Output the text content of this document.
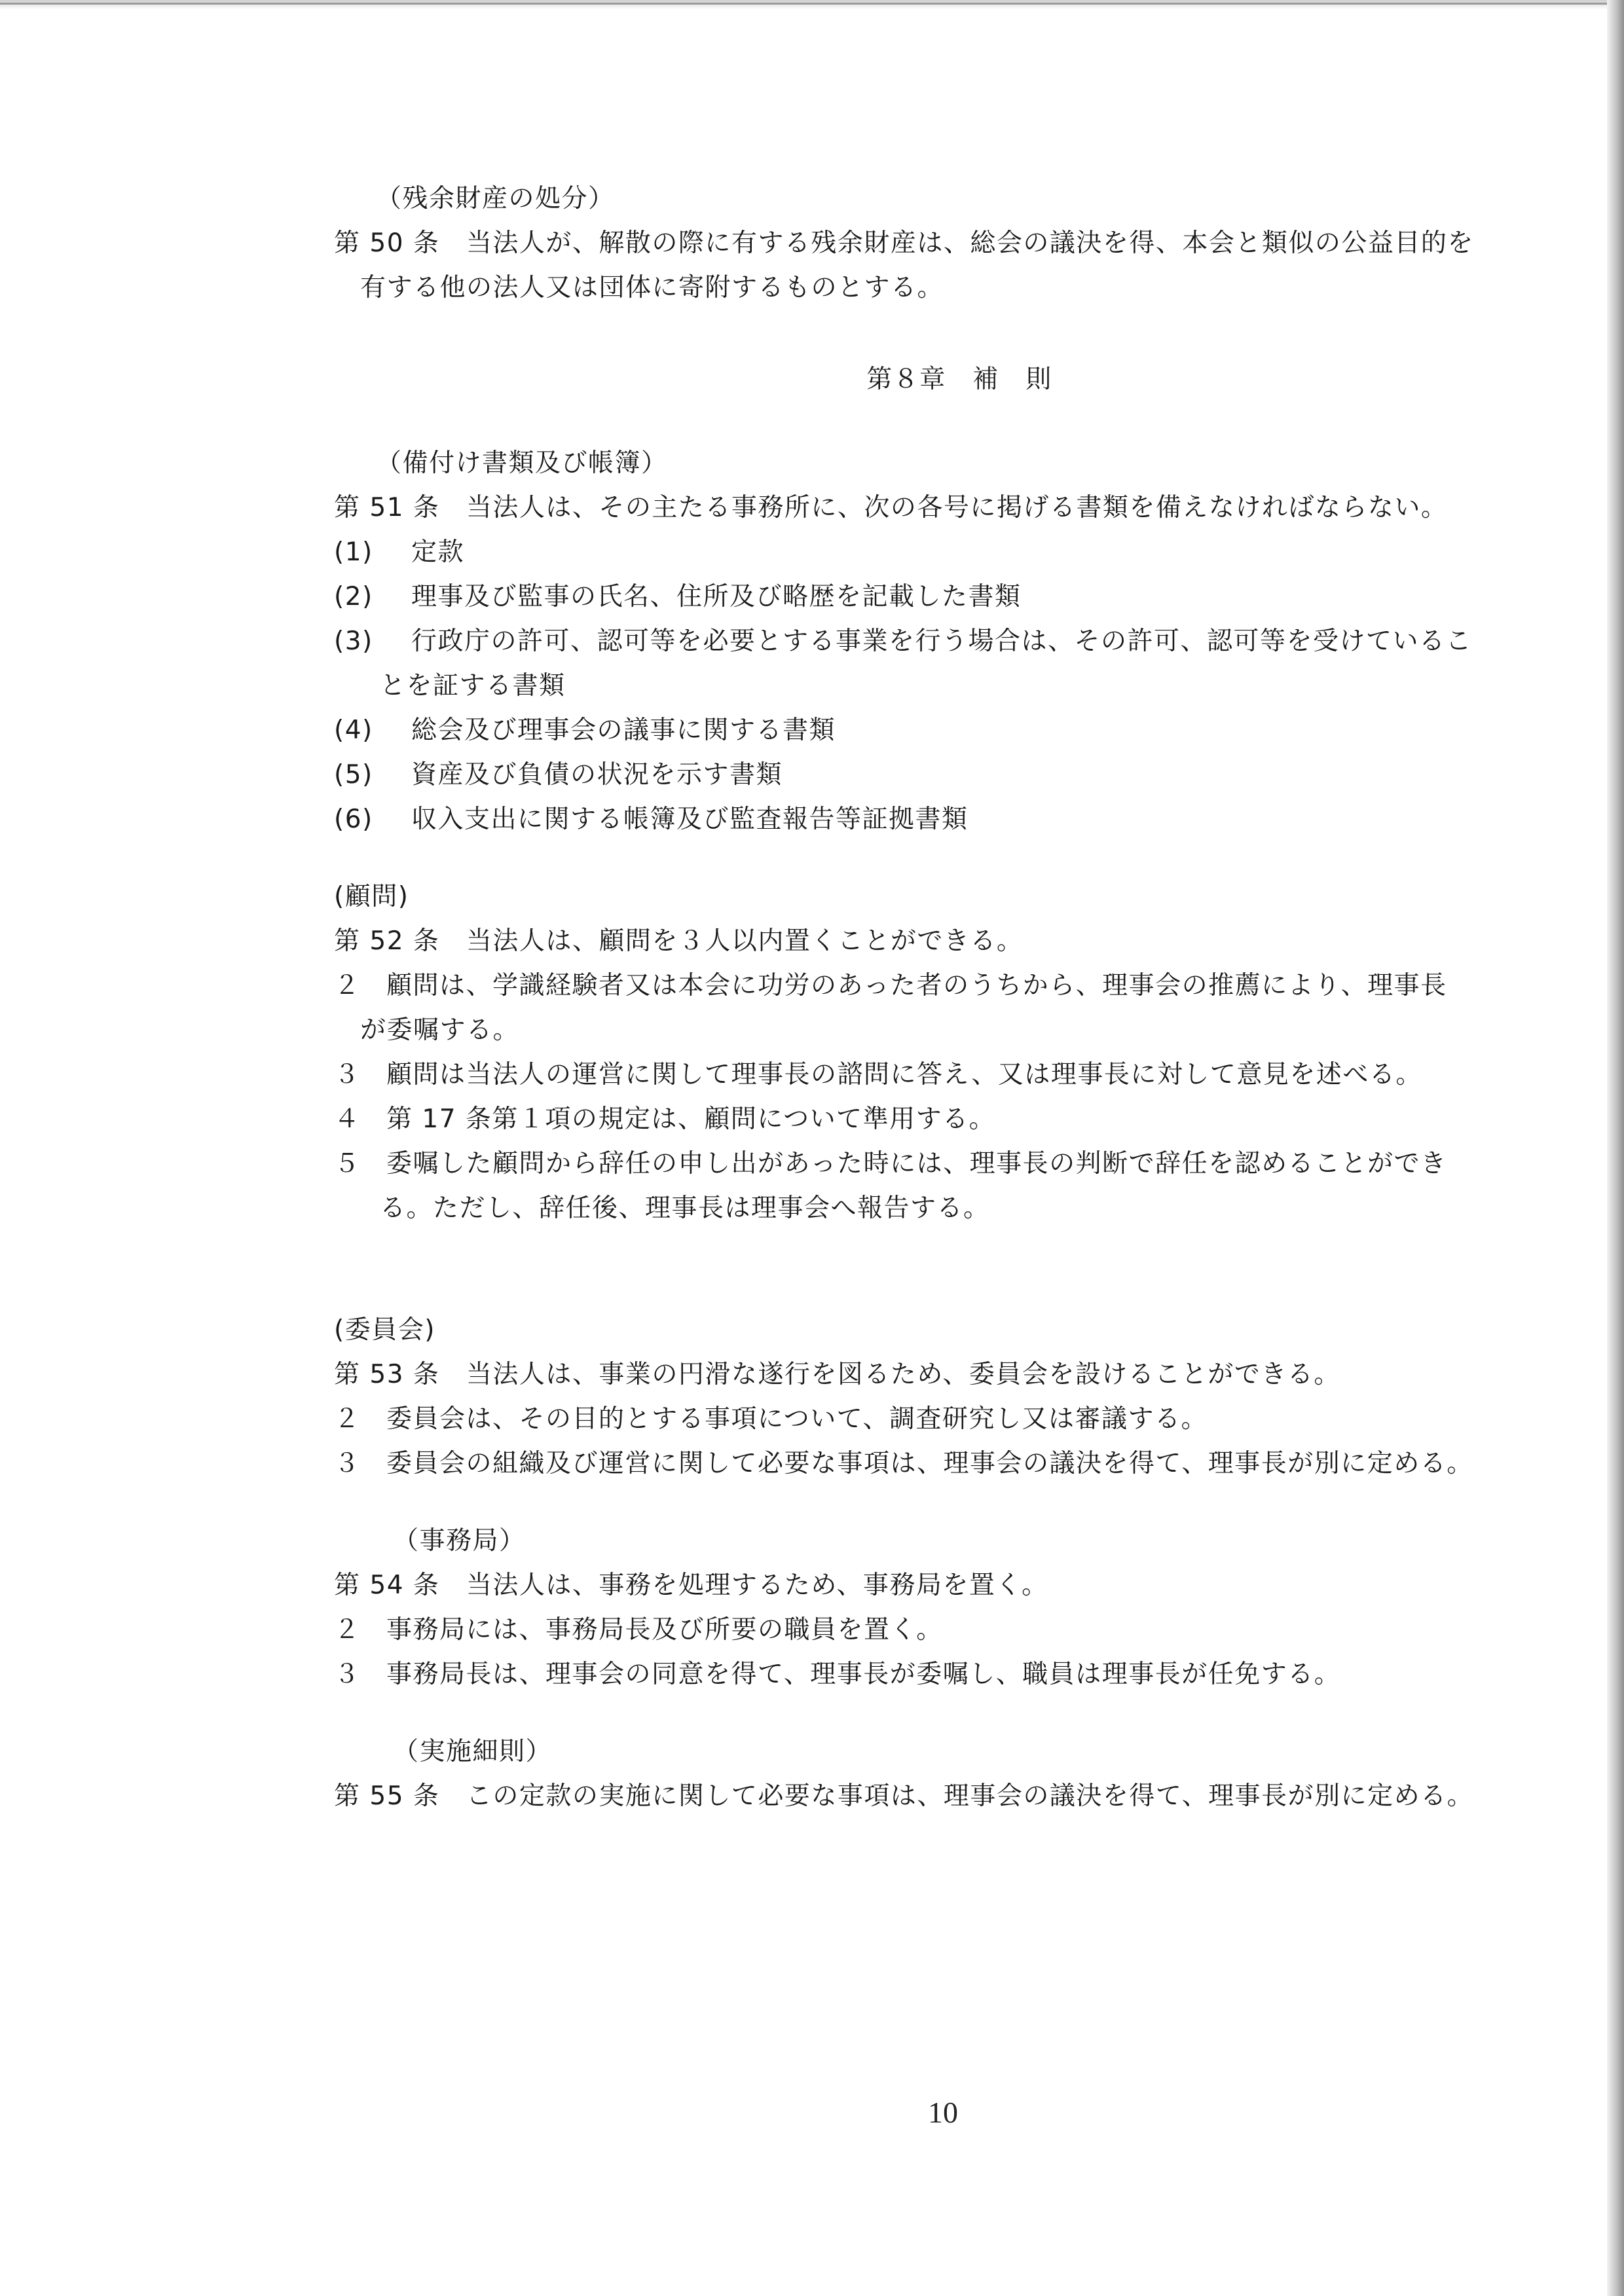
（残余財産の処分）
第 50 条　当法人が、解散の際に有する残余財産は、総会の議決を得、本会と類似の公益目的を
有する他の法人又は団体に寄附するものとする。
第８章　補　則
（備付け書類及び帳簿）
第 51 条　当法人は、その主たる事務所に、次の各号に掲げる書類を備えなければならない。
(1)	定款
(2)	理事及び監事の氏名、住所及び略歴を記載した書類
(3)	行政庁の許可、認可等を必要とする事業を行う場合は、その許可、認可等を受けているこ
とを証する書類
(4)	総会及び理事会の議事に関する書類
(5)	資産及び負債の状況を示す書類
(6)	収入支出に関する帳簿及び監査報告等証拠書類
(顧問)
第 52 条　当法人は、顧問を３人以内置くことができる。
２	顧問は、学識経験者又は本会に功労のあった者のうちから、理事会の推薦により、理事長
が委嘱する。
３	顧問は当法人の運営に関して理事長の諮問に答え、又は理事長に対して意見を述べる。
４	第 17 条第１項の規定は、顧問について準用する。
５	委嘱した顧問から辞任の申し出があった時には、理事長の判断で辞任を認めることができ
る。ただし、辞任後、理事長は理事会へ報告する。
(委員会)
第 53 条　当法人は、事業の円滑な遂行を図るため、委員会を設けることができる。
２	委員会は、その目的とする事項について、調査研究し又は審議する。
３	委員会の組織及び運営に関して必要な事項は、理事会の議決を得て、理事長が別に定める。
（事務局）
第 54 条　当法人は、事務を処理するため、事務局を置く。
２	事務局には、事務局長及び所要の職員を置く。
３	事務局長は、理事会の同意を得て、理事長が委嘱し、職員は理事長が任免する。
（実施細則）
第 55 条　この定款の実施に関して必要な事項は、理事会の議決を得て、理事長が別に定める。
10
